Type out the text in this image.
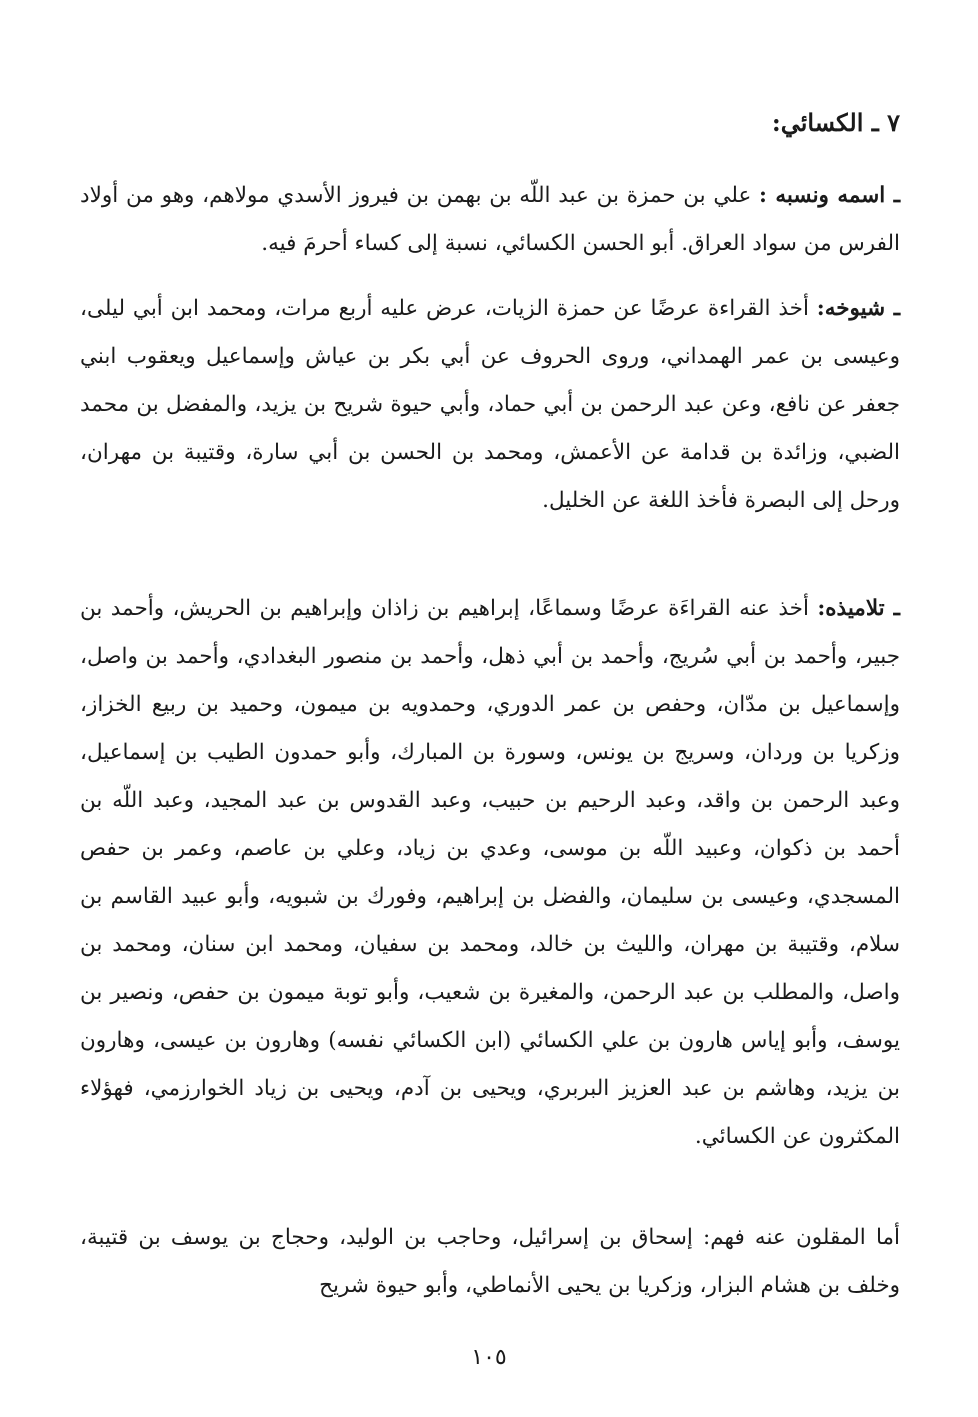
٧ ـ الكسائي:

ـ اسمه ونسبه : علي بن حمزة بن عبد اللّه بن بهمن بن فيروز الأسدي مولاهم، وهو من أولاد الفرس من سواد العراق. أبو الحسن الكسائي، نسبة إلى كساء أحرمَ فيه.

ـ شيوخه: أخذ القراءة عرضًا عن حمزة الزيات، عرض عليه أربع مرات، ومحمد ابن أبي ليلى، وعيسى بن عمر الهمداني، وروى الحروف عن أبي بكر بن عياش وإسماعيل ويعقوب ابني جعفر عن نافع، وعن عبد الرحمن بن أبي حماد، وأبي حيوة شريح بن يزيد، والمفضل بن محمد الضبي، وزائدة بن قدامة عن الأعمش، ومحمد بن الحسن بن أبي سارة، وقتيبة بن مهران، ورحل إلى البصرة فأخذ اللغة عن الخليل.

ـ تلاميذه: أخذ عنه القراءَة عرضًا وسماعًا، إبراهيم بن زاذان وإبراهيم بن الحريش، وأحمد بن جبير، وأحمد بن أبي سُريج، وأحمد بن أبي ذهل، وأحمد بن منصور البغدادي، وأحمد بن واصل، وإسماعيل بن مدّان، وحفص بن عمر الدوري، وحمدويه بن ميمون، وحميد بن ربيع الخزاز، وزكريا بن وردان، وسريج بن يونس، وسورة بن المبارك، وأبو حمدون الطيب بن إسماعيل، وعبد الرحمن بن واقد، وعبد الرحيم بن حبيب، وعبد القدوس بن عبد المجيد، وعبد اللّه بن أحمد بن ذكوان، وعبيد اللّه بن موسى، وعدي بن زياد، وعلي بن عاصم، وعمر بن حفص المسجدي، وعيسى بن سليمان، والفضل بن إبراهيم، وفورك بن شبويه، وأبو عبيد القاسم بن سلام، وقتيبة بن مهران، والليث بن خالد، ومحمد بن سفيان، ومحمد ابن سنان، ومحمد بن واصل، والمطلب بن عبد الرحمن، والمغيرة بن شعيب، وأبو توبة ميمون بن حفص، ونصير بن يوسف، وأبو إياس هارون بن علي الكسائي (ابن الكسائي نفسه) وهارون بن عيسى، وهارون بن يزيد، وهاشم بن عبد العزيز البربري، ويحيى بن آدم، ويحيى بن زياد الخوارزمي، فهؤلاء المكثرون عن الكسائي.

أما المقلون عنه فهم: إسحاق بن إسرائيل، وحاجب بن الوليد، وحجاج بن يوسف بن قتيبة، وخلف بن هشام البزار، وزكريا بن يحيى الأنماطي، وأبو حيوة شريح

١٠٥
